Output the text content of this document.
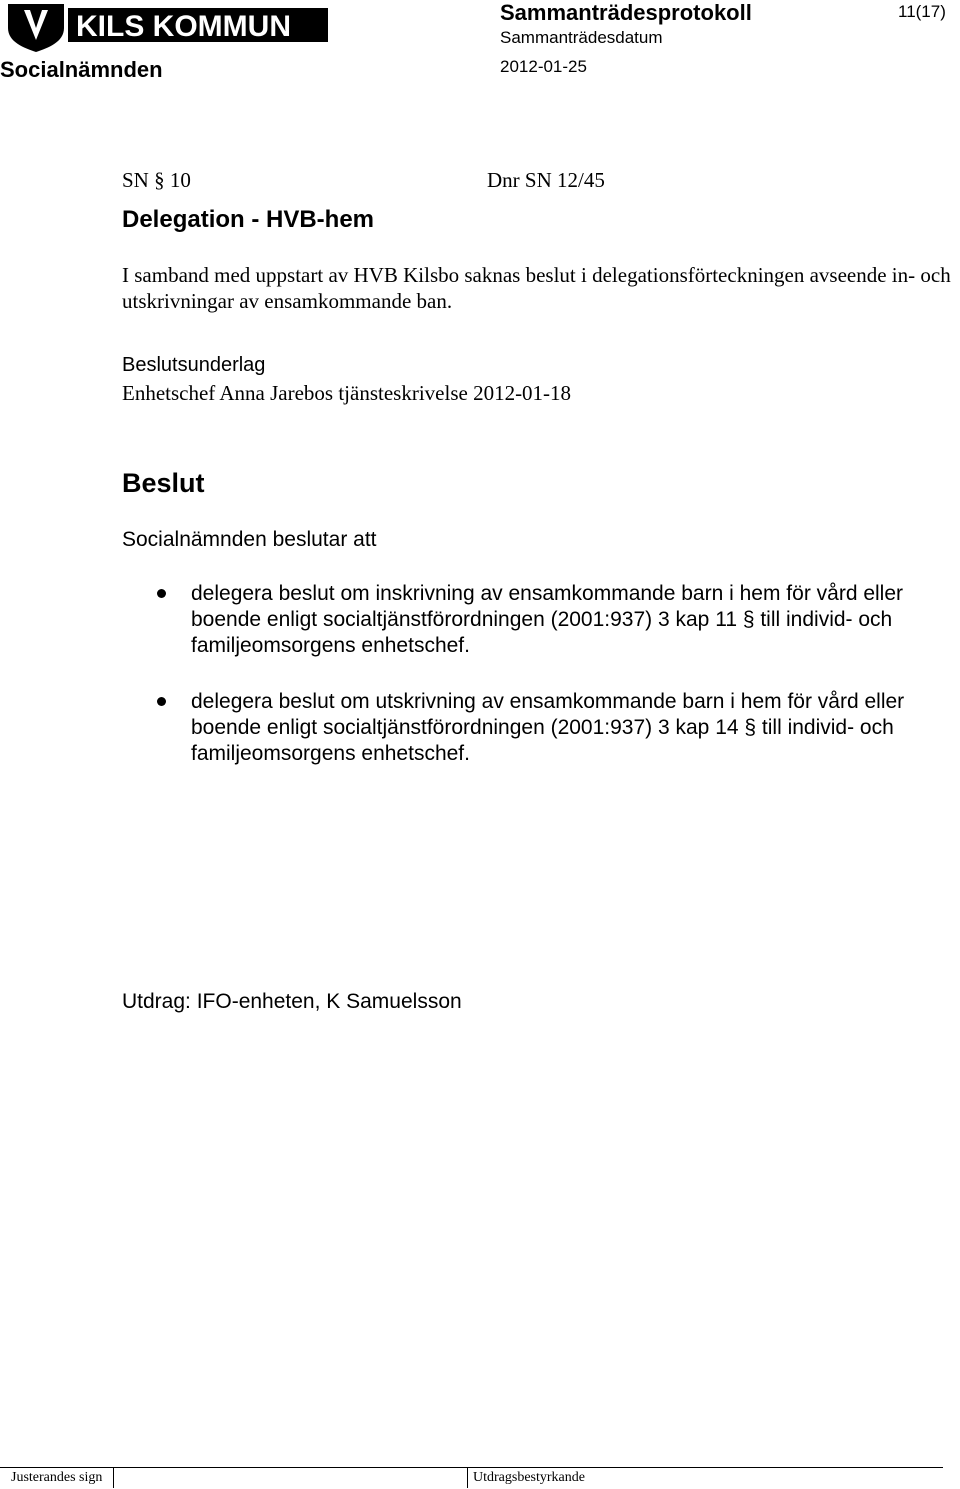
KILS KOMMUN	Sammanträdesprotokoll	11(17)
Sammanträdesdatum
Socialnämnden	2012-01-25
SN § 10	Dnr SN 12/45
Delegation - HVB-hem
I samband med uppstart av HVB Kilsbo saknas beslut i delegationsförteckningen avseende in- och utskrivningar av ensamkommande ban.
Beslutsunderlag
Enhetschef Anna Jarebos tjänsteskrivelse 2012-01-18
Beslut
Socialnämnden beslutar att
delegera beslut om inskrivning av ensamkommande barn i hem för vård eller boende enligt socialtjänstförordningen (2001:937) 3 kap 11 § till individ- och familjeomsorgens enhetschef.
delegera beslut om utskrivning av ensamkommande barn i hem för vård eller boende enligt socialtjänstförordningen (2001:937) 3 kap 14 § till individ- och familjeomsorgens enhetschef.
Utdrag: IFO-enheten, K Samuelsson
Justerandes sign	Utdragsbestyrkande
